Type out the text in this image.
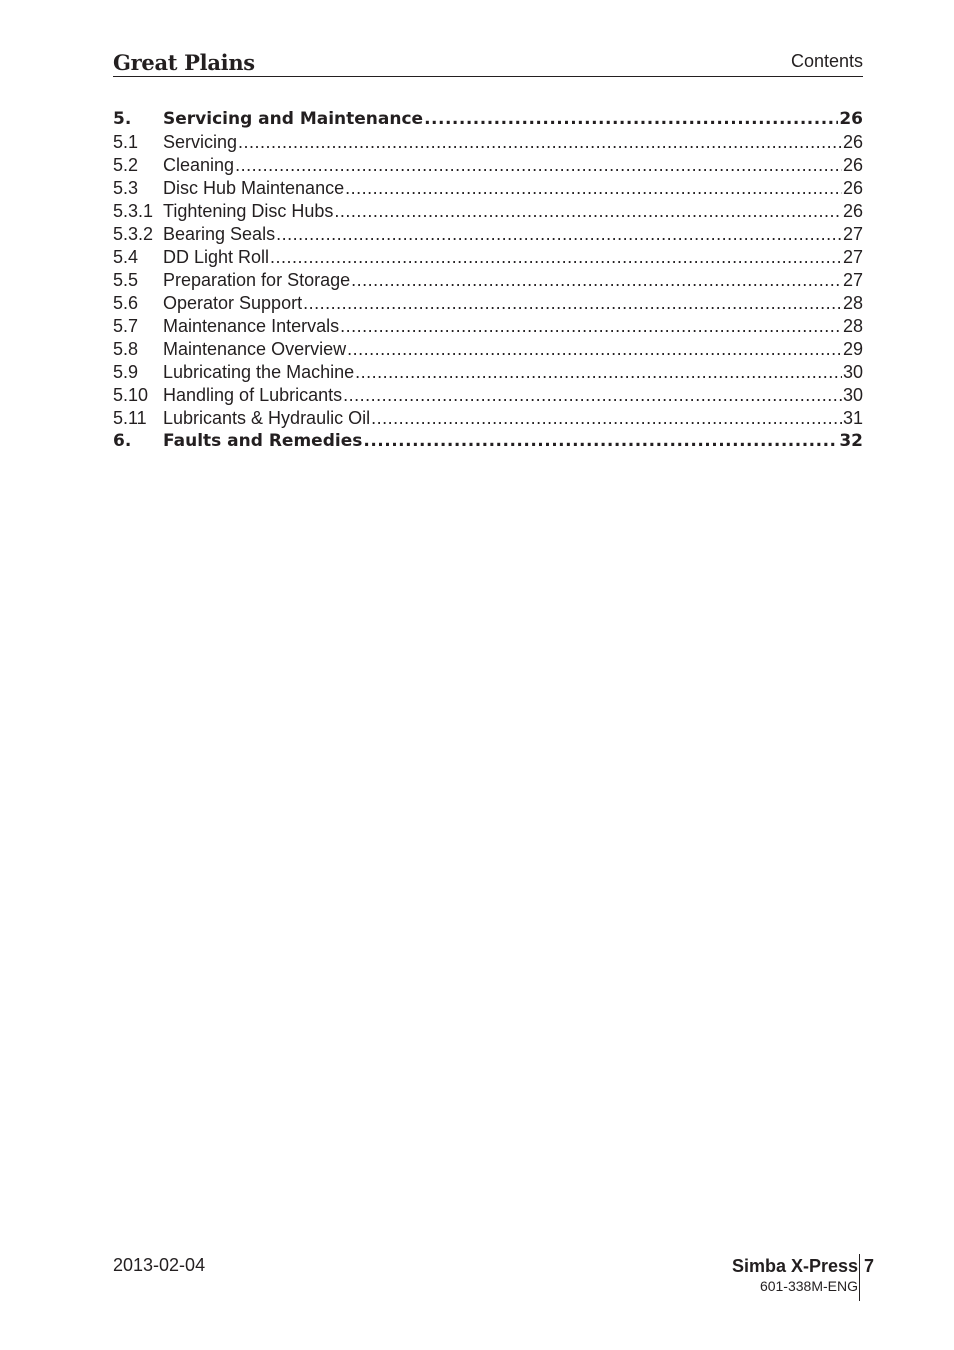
Great Plains	Contents
5.	Servicing and Maintenance .....	26
5.1	Servicing .....	26
5.2	Cleaning .....	26
5.3	Disc Hub Maintenance .....	26
5.3.1 Tightening Disc Hubs .....	26
5.3.2 Bearing Seals .....	27
5.4	DD Light Roll .....	27
5.5	Preparation for Storage .....	27
5.6	Operator Support .....	28
5.7	Maintenance Intervals .....	28
5.8	Maintenance Overview .....	29
5.9	Lubricating the Machine .....	30
5.10 Handling of Lubricants .....	30
5.11 Lubricants & Hydraulic Oil .....	31
6.	Faults and Remedies .....	32
2013-02-04	Simba X-Press
601-338M-ENG
7
